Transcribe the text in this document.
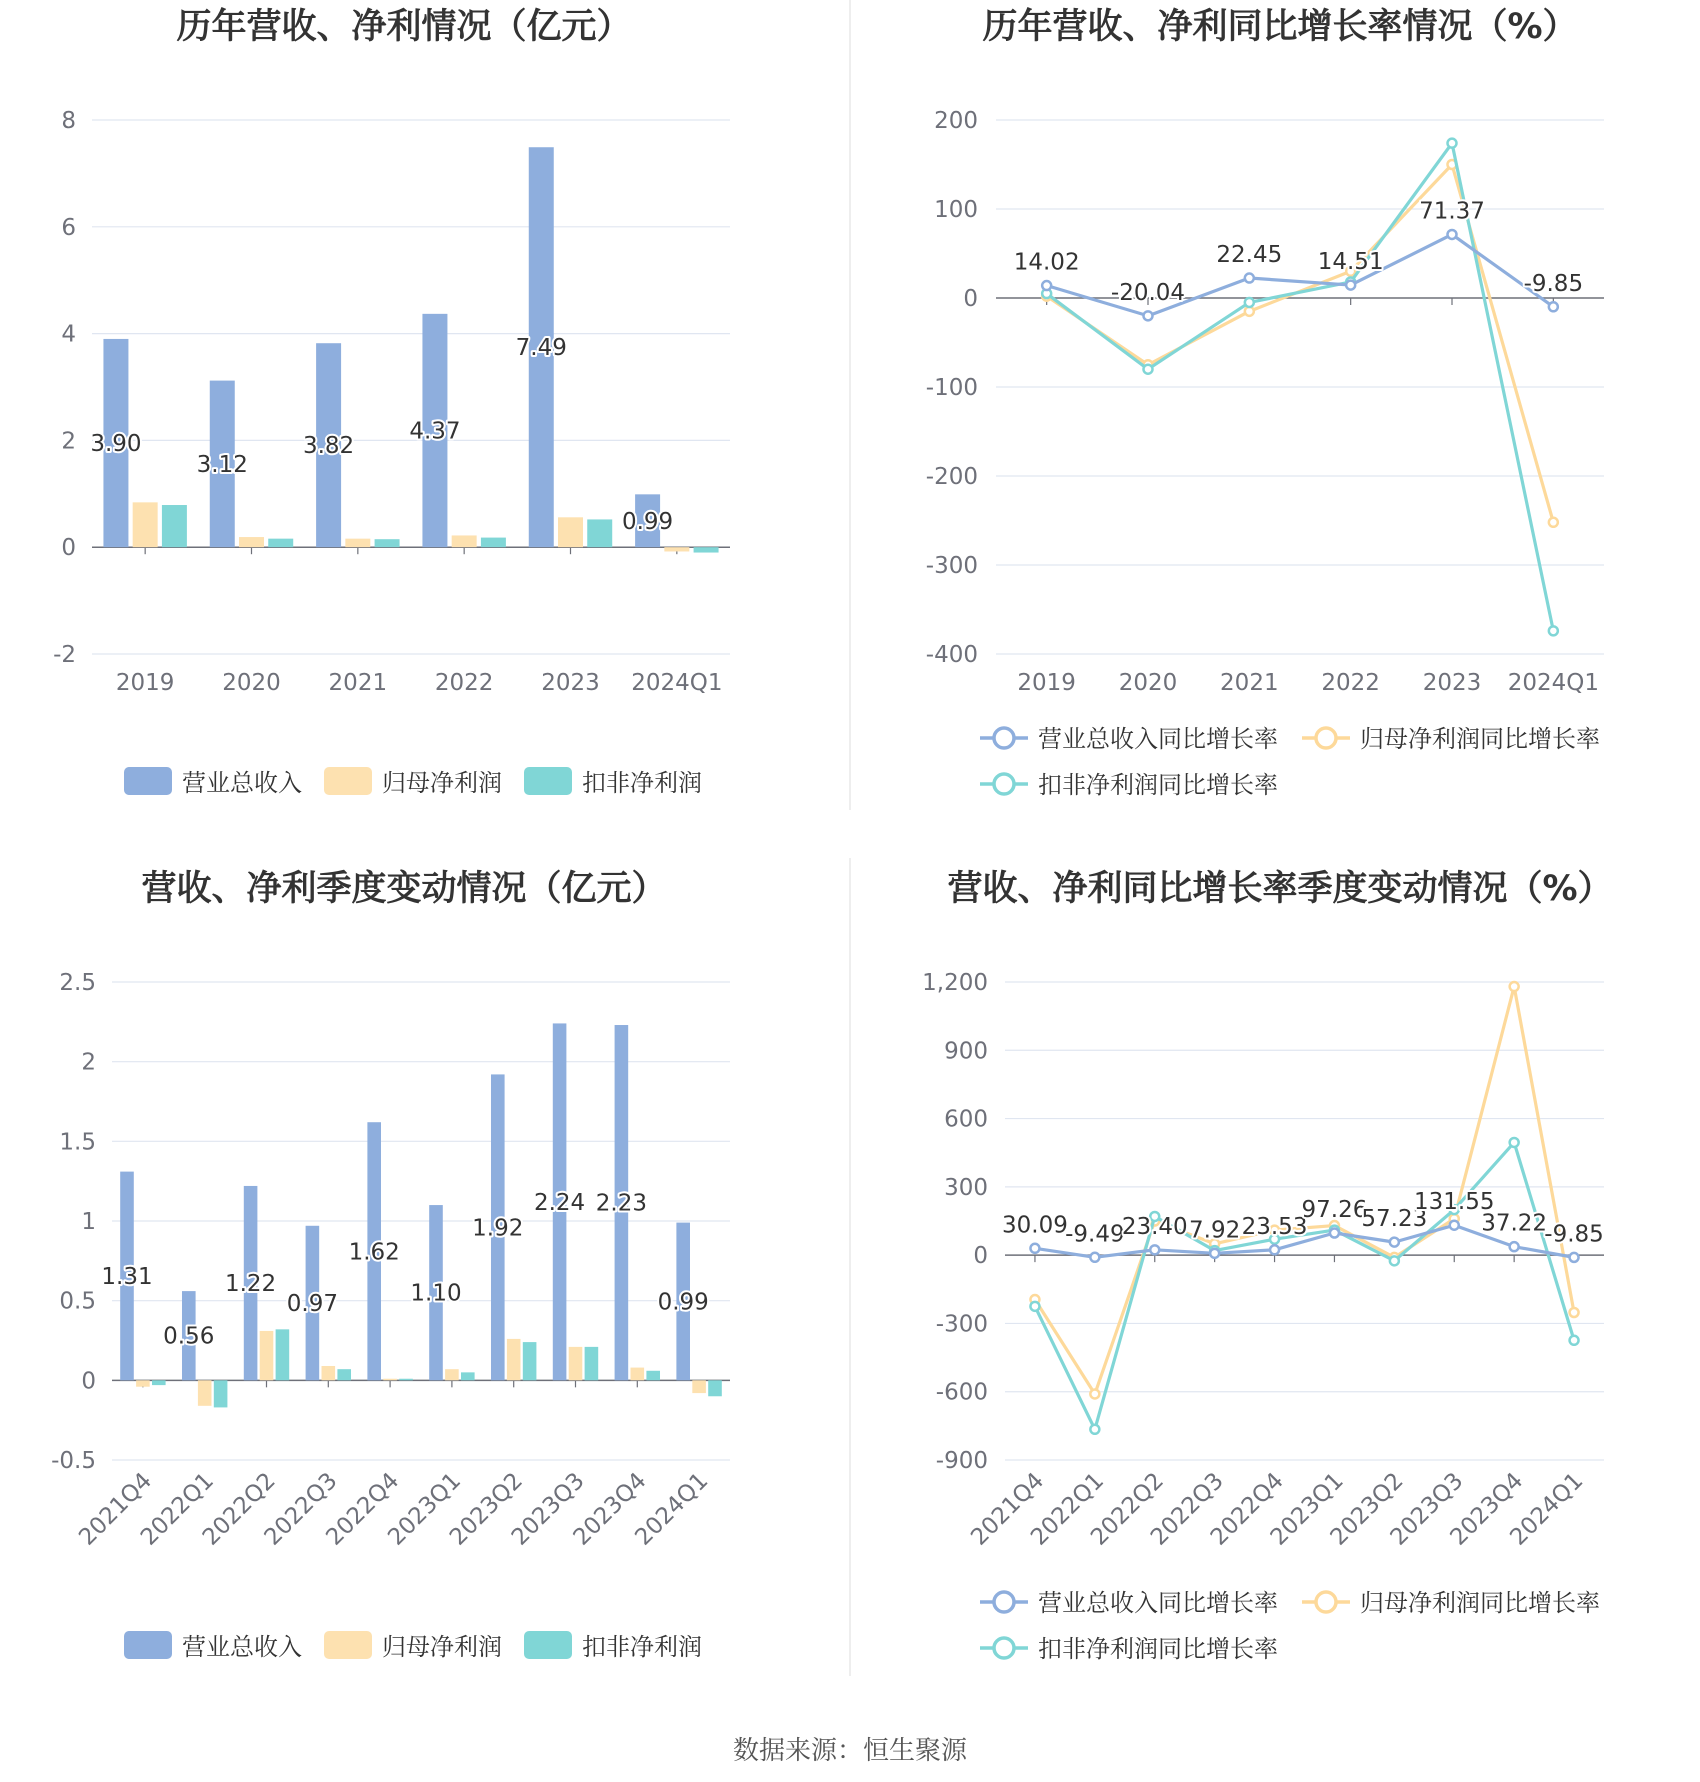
历年营收、净利情况（亿元）
8
6
4
2
0
-2
2019 2020 2021 2022 2023 2024Q1
3.90
3.12
3.82
4.37
7.49
0.99
营业总收入	归母净利润	扣非净利润
历年营收、净利同比增长率情况（%）
200
100
0
-100
-200
-300
-400
2019 2020 2021 2022 2023 2024Q1
14.02
-20.04
22.45 14.51
71.37
-9.85
营业总收入同比增长率	归母净利润同比增长率
扣非净利润同比增长率
营收、净利季度变动情况（亿元）
2.5
2
1.5
1
0.5
0
-0.5
2021Q4
2022Q1
2022Q2
2022Q3
2022Q4
2023Q1
2023Q2
2023Q3
2023Q4
2024Q1
1.31
0.56
1.22
0.97
1.62
1.10
1.92
2.24 2.23
0.99
营业总收入	归母净利润	扣非净利润
营收、净利同比增长率季度变动情况（%）
1,200
900
600
300
0
-300
-600
-900
2021Q4
2022Q1
2022Q2
2022Q3
2022Q4
2023Q1
2023Q2
2023Q3
2023Q4
2024Q1
30.09
-9.49
23.40 7.92 23.53
97.26
57.23
131.55
37.22
-9.85
营业总收入同比增长率	归母净利润同比增长率
扣非净利润同比增长率
数据来源：恒生聚源
